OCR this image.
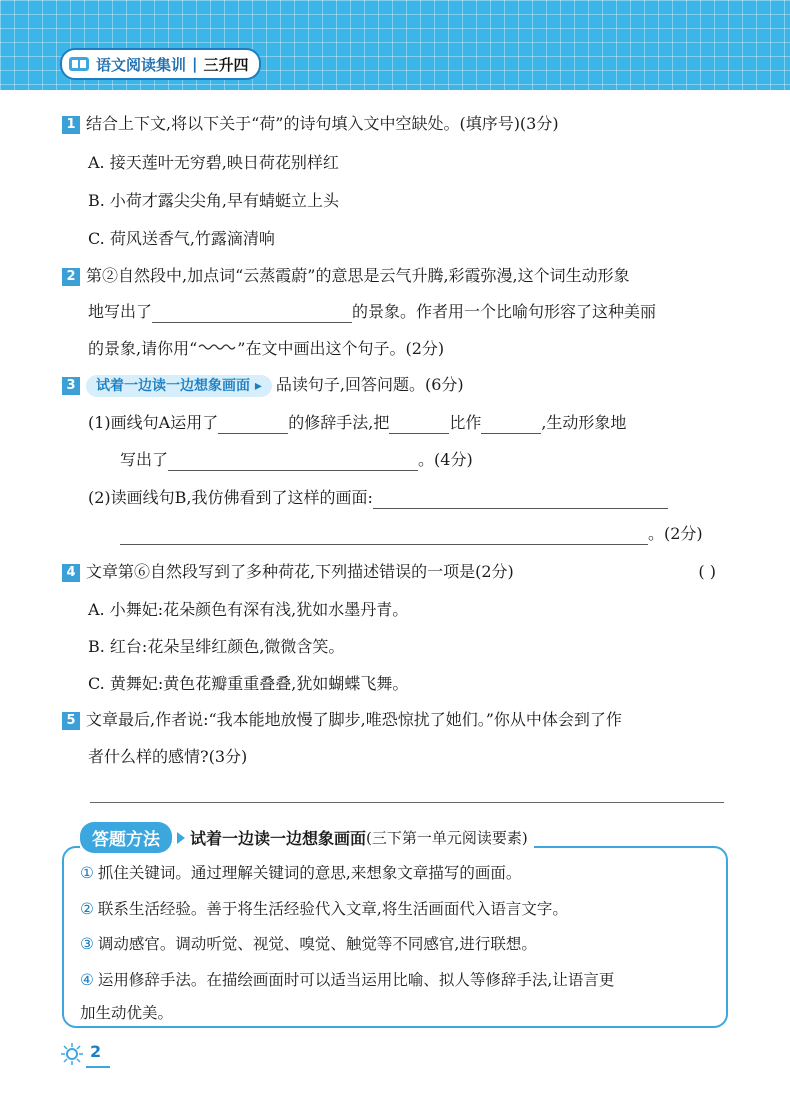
语文阅读集训 | 三升四
1 结合上下文,将以下关于“荷”的诗句填入文中空缺处。(填序号)(3分)
A. 接天莲叶无穷碧,映日荷花别样红
B. 小荷才露尖尖角,早有蜻蜓立上头
C. 荷风送香气,竹露滴清响
2 第②自然段中,加点词“云蒸霞蔚”的意思是云气升腾,彩霞弥漫,这个词生动形象
地写出了	的景象。作者用一个比喻句形容了这种美丽
的景象,请你用“	”在文中画出这个句子。(2分)
3 试着一边读一边想象画面 ▸ 品读句子,回答问题。(6分)
(1)画线句A运用了	的修辞手法,把	比作	,生动形象地
写出了	。(4分)
(2)读画线句B,我仿佛看到了这样的画面:
。(2分)
4 文章第⑥自然段写到了多种荷花,下列描述错误的一项是(2分)	( )
A. 小舞妃:花朵颜色有深有浅,犹如水墨丹青。
B. 红台:花朵呈绯红颜色,微微含笑。
C. 黄舞妃:黄色花瓣重重叠叠,犹如蝴蝶飞舞。
5 文章最后,作者说:“我本能地放慢了脚步,唯恐惊扰了她们。”你从中体会到了作
者什么样的感情?(3分)
答题方法	试着一边读一边想象画面 (三下第一单元阅读要素)
① 抓住关键词。通过理解关键词的意思,来想象文章描写的画面。
② 联系生活经验。善于将生活经验代入文章,将生活画面代入语言文字。
③ 调动感官。调动听觉、视觉、嗅觉、触觉等不同感官,进行联想。
④ 运用修辞手法。在描绘画面时可以适当运用比喻、拟人等修辞手法,让语言更
加生动优美。
2
